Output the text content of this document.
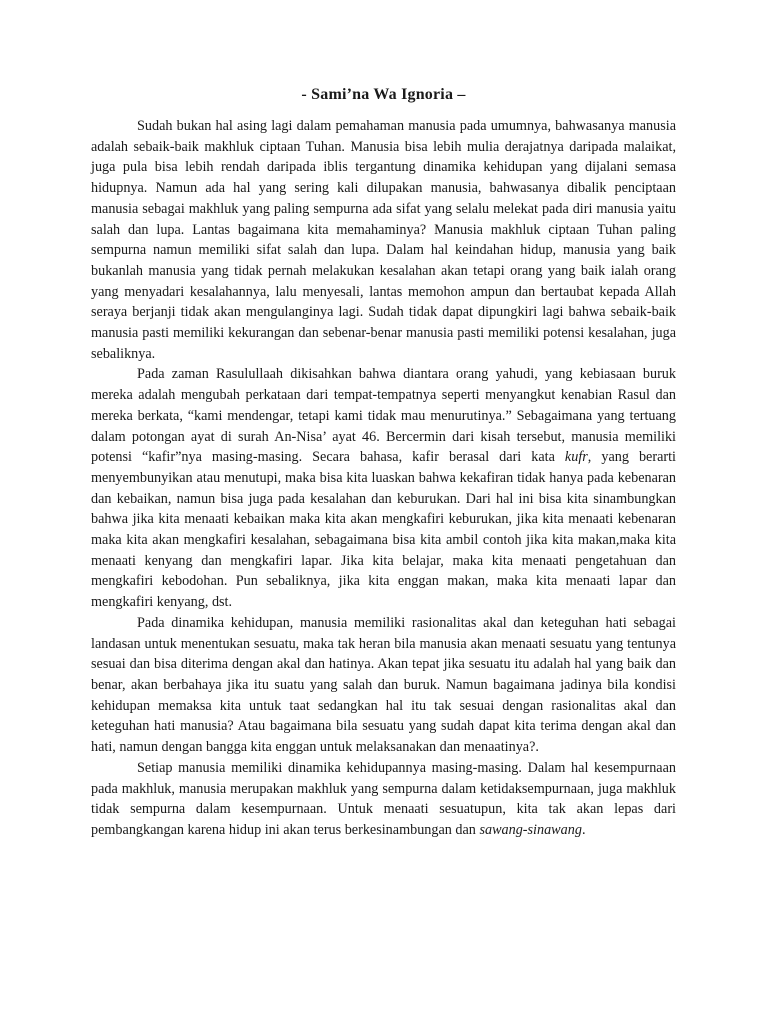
- Sami’na Wa Ignoria –

Sudah bukan hal asing lagi dalam pemahaman manusia pada umumnya, bahwasanya manusia adalah sebaik-baik makhluk ciptaan Tuhan. Manusia bisa lebih mulia derajatnya daripada malaikat, juga pula bisa lebih rendah daripada iblis tergantung dinamika kehidupan yang dijalani semasa hidupnya. Namun ada hal yang sering kali dilupakan manusia, bahwasanya dibalik penciptaan manusia sebagai makhluk yang paling sempurna ada sifat yang selalu melekat pada diri manusia yaitu salah dan lupa. Lantas bagaimana kita memahaminya? Manusia makhluk ciptaan Tuhan paling sempurna namun memiliki sifat salah dan lupa. Dalam hal keindahan hidup, manusia yang baik bukanlah manusia yang tidak pernah melakukan kesalahan akan tetapi orang yang baik ialah orang yang menyadari kesalahannya, lalu menyesali, lantas memohon ampun dan bertaubat kepada Allah seraya berjanji tidak akan mengulanginya lagi. Sudah tidak dapat dipungkiri lagi bahwa sebaik-baik manusia pasti memiliki kekurangan dan sebenar-benar manusia pasti memiliki potensi kesalahan, juga sebaliknya.

Pada zaman Rasulullaah dikisahkan bahwa diantara orang yahudi, yang kebiasaan buruk mereka adalah mengubah perkataan dari tempat-tempatnya seperti menyangkut kenabian Rasul dan mereka berkata, “kami mendengar, tetapi kami tidak mau menurutinya.” Sebagaimana yang tertuang dalam potongan ayat di surah An-Nisa’ ayat 46. Bercermin dari kisah tersebut, manusia memiliki potensi “kafir”nya masing-masing. Secara bahasa, kafir berasal dari kata kufr, yang berarti menyembunyikan atau menutupi, maka bisa kita luaskan bahwa kekafiran tidak hanya pada kebenaran dan kebaikan, namun bisa juga pada kesalahan dan keburukan. Dari hal ini bisa kita sinambungkan bahwa jika kita menaati kebaikan maka kita akan mengkafiri keburukan, jika kita menaati kebenaran maka kita akan mengkafiri kesalahan, sebagaimana bisa kita ambil contoh jika kita makan,maka kita menaati kenyang dan mengkafiri lapar. Jika kita belajar, maka kita menaati pengetahuan dan mengkafiri kebodohan. Pun sebaliknya, jika kita enggan makan, maka kita menaati lapar dan mengkafiri kenyang, dst.

Pada dinamika kehidupan, manusia memiliki rasionalitas akal dan keteguhan hati sebagai landasan untuk menentukan sesuatu, maka tak heran bila manusia akan menaati sesuatu yang tentunya sesuai dan bisa diterima dengan akal dan hatinya. Akan tepat jika sesuatu itu adalah hal yang baik dan benar, akan berbahaya jika itu suatu yang salah dan buruk. Namun bagaimana jadinya bila kondisi kehidupan memaksa kita untuk taat sedangkan hal itu tak sesuai dengan rasionalitas akal dan keteguhan hati manusia? Atau bagaimana bila sesuatu yang sudah dapat kita terima dengan akal dan hati, namun dengan bangga kita enggan untuk melaksanakan dan menaatinya?.

Setiap manusia memiliki dinamika kehidupannya masing-masing. Dalam hal kesempurnaan pada makhluk, manusia merupakan makhluk yang sempurna dalam ketidaksempurnaan, juga makhluk tidak sempurna dalam kesempurnaan. Untuk menaati sesuatupun, kita tak akan lepas dari pembangkangan karena hidup ini akan terus berkesinambungan dan sawang-sinawang.
